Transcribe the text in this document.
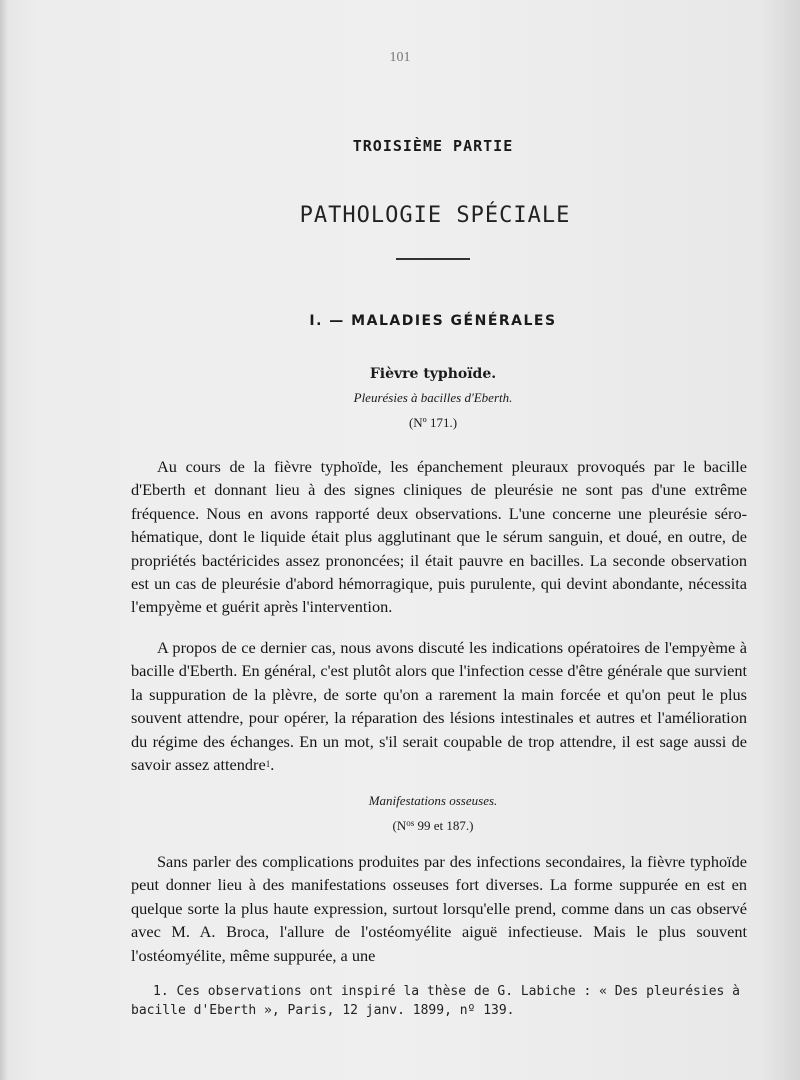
101
TROISIÈME PARTIE
PATHOLOGIE SPÉCIALE
I. — MALADIES GÉNÉRALES
Fièvre typhoïde.
Pleurésies à bacilles d'Eberth.
(Nº 171.)

Au cours de la fièvre typhoïde, les épanchement pleuraux provoqués par le bacille d'Eberth et donnant lieu à des signes cliniques de pleurésie ne sont pas d'une extrême fréquence. Nous en avons rapporté deux observations. L'une concerne une pleurésie séro-hématique, dont le liquide était plus agglutinant que le sérum sanguin, et doué, en outre, de propriétés bactéricides assez prononcées; il était pauvre en bacilles. La seconde observation est un cas de pleurésie d'abord hémorragique, puis purulente, qui devint abondante, nécessita l'empyème et guérit après l'intervention.

A propos de ce dernier cas, nous avons discuté les indications opératoires de l'empyème à bacille d'Eberth. En général, c'est plutôt alors que l'infection cesse d'être générale que survient la suppuration de la plèvre, de sorte qu'on a rarement la main forcée et qu'on peut le plus souvent attendre, pour opérer, la réparation des lésions intestinales et autres et l'amélioration du régime des échanges. En un mot, s'il serait coupable de trop attendre, il est sage aussi de savoir assez attendre$^1$.

Manifestations osseuses.
($N^{os}$ 99 et 187.)

Sans parler des complications produites par des infections secondaires, la fièvre typhoïde peut donner lieu à des manifestations osseuses fort diverses. La forme suppurée en est en quelque sorte la plus haute expression, surtout lorsqu'elle prend, comme dans un cas observé avec M. A. Broca, l'allure de l'ostéomyélite aiguë infectieuse. Mais le plus souvent l'ostéomyélite, même suppurée, a une

1. Ces observations ont inspiré la thèse de G. Labiche : « Des pleurésies à bacille d'Eberth », Paris, 12 janv. 1899, nº 139.
